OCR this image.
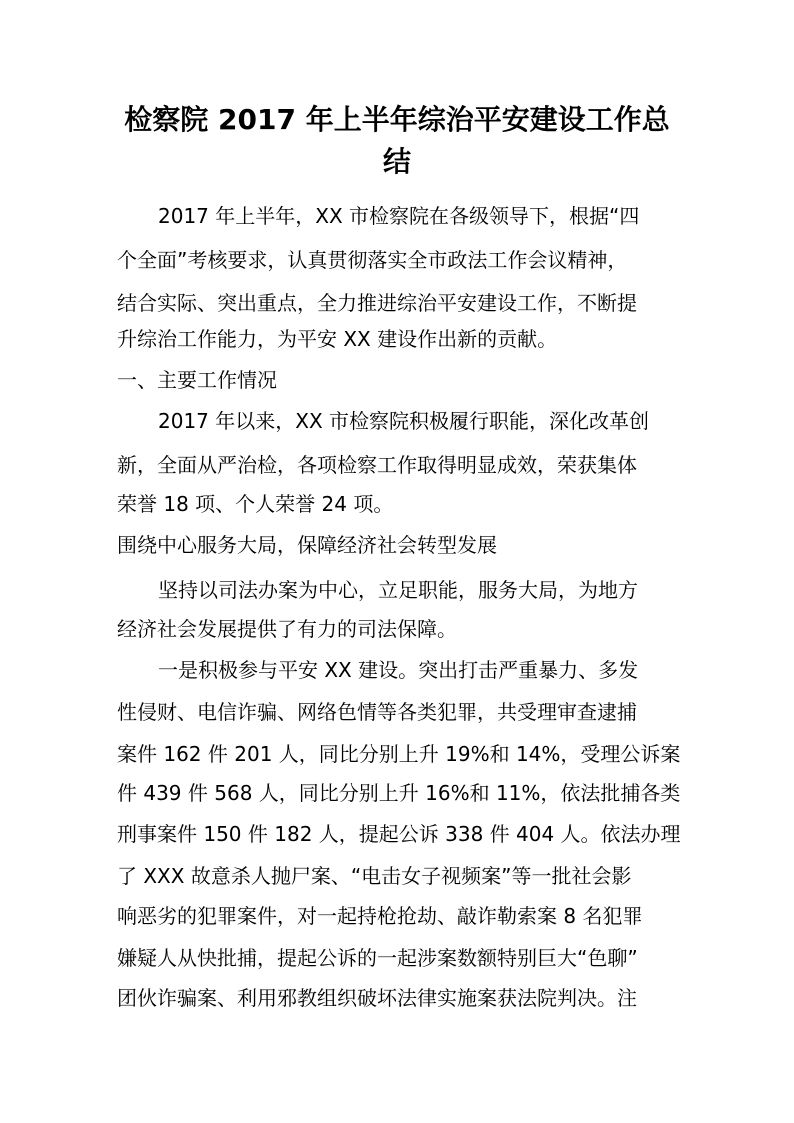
检察院 2017 年上半年综治平安建设工作总
结

2017 年上半年，XX 市检察院在各级领导下，根据“四

个全面”考核要求，认真贯彻落实全市政法工作会议精神，

结合实际、突出重点，全力推进综治平安建设工作，不断提

升综治工作能力，为平安 XX 建设作出新的贡献。

一、主要工作情况

2017 年以来，XX 市检察院积极履行职能，深化改革创

新，全面从严治检，各项检察工作取得明显成效，荣获集体

荣誉 18 项、个人荣誉 24 项。

围绕中心服务大局，保障经济社会转型发展

坚持以司法办案为中心，立足职能，服务大局，为地方

经济社会发展提供了有力的司法保障。

一是积极参与平安 XX 建设。突出打击严重暴力、多发

性侵财、电信诈骗、网络色情等各类犯罪，共受理审查逮捕

案件 162 件 201 人，同比分别上升 19%和 14%，受理公诉案

件 439 件 568 人，同比分别上升 16%和 11%，依法批捕各类

刑事案件 150 件 182 人，提起公诉 338 件 404 人。依法办理

了 XXX 故意杀人抛尸案、“电击女子视频案”等一批社会影

响恶劣的犯罪案件，对一起持枪抢劫、敲诈勒索案 8 名犯罪

嫌疑人从快批捕，提起公诉的一起涉案数额特别巨大“色聊”

团伙诈骗案、利用邪教组织破坏法律实施案获法院判决。注
